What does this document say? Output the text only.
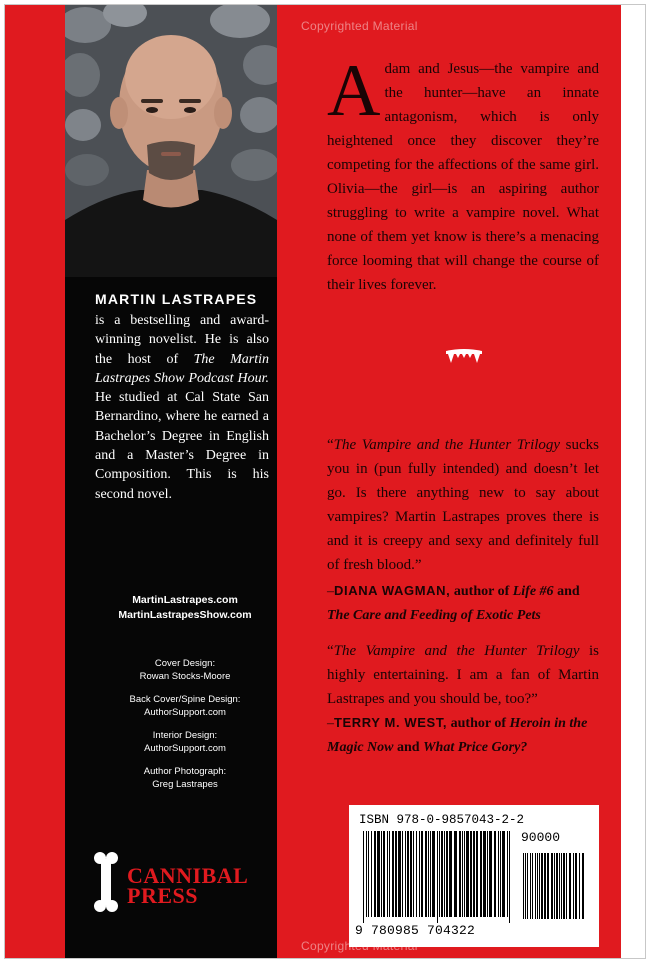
Copyrighted Material
MARTIN LASTRAPES
is a bestselling and award-winning novelist. He is also the host of The Martin Lastrapes Show Podcast Hour. He studied at Cal State San Bernardino, where he earned a Bachelor’s Degree in English and a Master’s Degree in Composition. This is his second novel.
MartinLastrapes.com
MartinLastrapesShow.com
Cover Design:
Rowan Stocks-Moore
Back Cover/Spine Design:
AuthorSupport.com
Interior Design:
AuthorSupport.com
Author Photograph:
Greg Lastrapes
CANNIBAL
PRESS
Adam and Jesus—the vampire and the hunter—have an innate antagonism, which is only heightened once they discover they’re competing for the affections of the same girl. Olivia—the girl—is an aspiring author struggling to write a vampire novel. What none of them yet know is there’s a menacing force looming that will change the course of their lives forever.
“The Vampire and the Hunter Trilogy sucks you in (pun fully intended) and doesn’t let go. Is there anything new to say about vampires? Martin Lastrapes proves there is and it is creepy and sexy and definitely full of fresh blood.”
–DIANA WAGMAN, author of Life #6 and
The Care and Feeding of Exotic Pets
“The Vampire and the Hunter Trilogy is highly entertaining. I am a fan of Martin Lastrapes and you should be, too?”
–TERRY M. WEST, author of Heroin in the
Magic Now and What Price Gory?
ISBN 978-0-9857043-2-2
90000
9 780985 704322
Copyrighted Material
